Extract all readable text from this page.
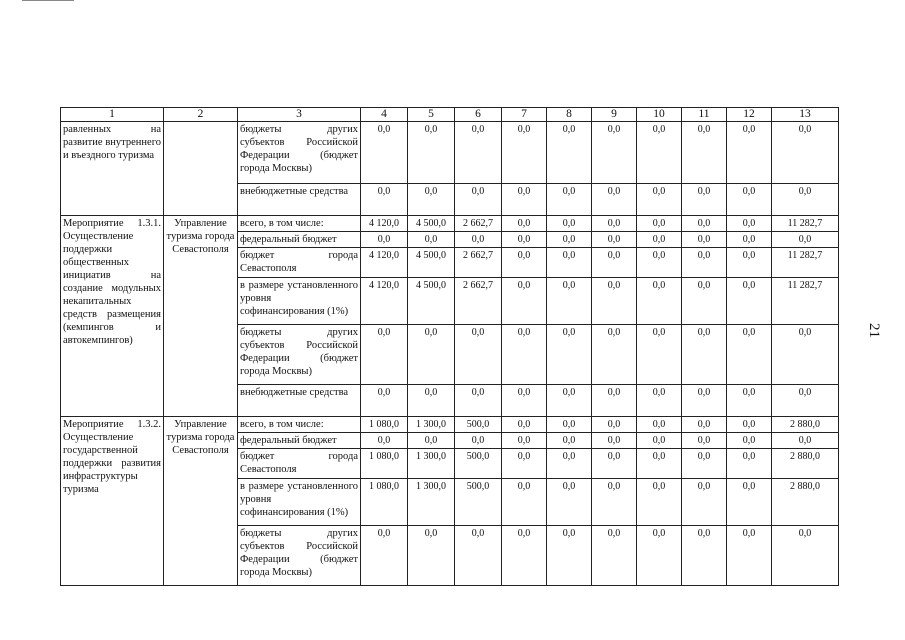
21
1	2	3	4	5	6	7	8	9	10	11	12	13
равленных на развитие внутреннего и въездного туризма		бюджеты других субъектов Российской Федерации (бюджет города Москвы)	0,0	0,0	0,0	0,0	0,0	0,0	0,0	0,0	0,0	0,0
		внебюджетные средства	0,0	0,0	0,0	0,0	0,0	0,0	0,0	0,0	0,0	0,0
Мероприятие 1.3.1. Осуществление поддержки общественных инициатив на создание модульных некапитальных средств размещения (кемпингов и автокемпингов)	Управление туризма города Севастополя	всего, в том числе:	4 120,0	4 500,0	2 662,7	0,0	0,0	0,0	0,0	0,0	0,0	11 282,7
		федеральный бюджет	0,0	0,0	0,0	0,0	0,0	0,0	0,0	0,0	0,0	0,0
		бюджет города Севастополя	4 120,0	4 500,0	2 662,7	0,0	0,0	0,0	0,0	0,0	0,0	11 282,7
		в размере установленного уровня софинансирования (1%)	4 120,0	4 500,0	2 662,7	0,0	0,0	0,0	0,0	0,0	0,0	11 282,7
		бюджеты других субъектов Российской Федерации (бюджет города Москвы)	0,0	0,0	0,0	0,0	0,0	0,0	0,0	0,0	0,0	0,0
		внебюджетные средства	0,0	0,0	0,0	0,0	0,0	0,0	0,0	0,0	0,0	0,0
Мероприятие 1.3.2. Осуществление государственной поддержки развития инфраструктуры туризма	Управление туризма города Севастополя	всего, в том числе:	1 080,0	1 300,0	500,0	0,0	0,0	0,0	0,0	0,0	0,0	2 880,0
		федеральный бюджет	0,0	0,0	0,0	0,0	0,0	0,0	0,0	0,0	0,0	0,0
		бюджет города Севастополя	1 080,0	1 300,0	500,0	0,0	0,0	0,0	0,0	0,0	0,0	2 880,0
		в размере установленного уровня софинансирования (1%)	1 080,0	1 300,0	500,0	0,0	0,0	0,0	0,0	0,0	0,0	2 880,0
		бюджеты других субъектов Российской Федерации (бюджет города Москвы)	0,0	0,0	0,0	0,0	0,0	0,0	0,0	0,0	0,0	0,0
